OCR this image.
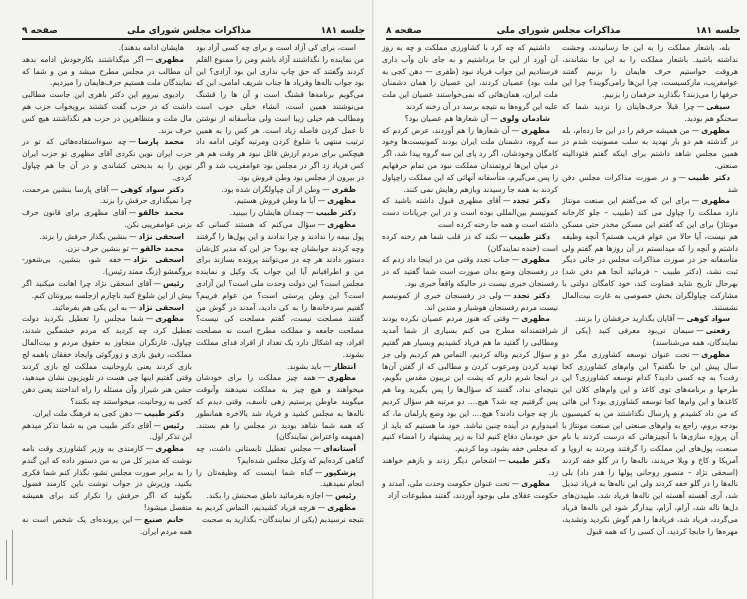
جلسه ۱۸۱
مذاکرات مجلس شورای ملی
صفحه ۹

است، برای کی آزاد است و برای چه کسی آزاد بود من نماینده را نگذاشتند آزاد باشم ومن را ممنوع القلم کردند وگفتند که حق چاپ نداری این بود آزادی؟ این بود جواب ناله‌ها وفریاد ها جناب شریف امامی، این که می‌گویم برنامه‌ها قشنگ است و آن ها را قشنگ می‌نوشتند همین است، انشاء خیلی خوب است ومطالب هم خیلی زیبا است ولی متأسفانه از نوشتن تا عمل کردن فاصله زیاد است. هر کس را به همین ترتیب منتهی با شلوغ کردن ومرتبه گوئی ادامه داد هیچکس برای مردم ارزش قائل نبود هر وقت هم هر کس فریاد زد اگر در مجلس بود عوامفریب شد و اگر در بیرون از مجلس بود وطن فروش بود.

ظفری—وطن از آن چپاولگران شده بود.

مظهری—آیا ما وطن فروش هستیم.

دکتر طبیب—چمدان هایشان را ببینید.

مظهری—سؤال می‌کنم که هستند کسانی که پول بیمه را ندادند و چرا ندادند و این پول‌ها را گرفتند وچه کردند جوابشان چه بود؟ جز این که مدیر کل‌شان دستور دادند هر چه در می‌توانند پرونده بسازند برای من و اطرافیانم آیا این جواب یک وکیل و نماینده مجلس است؟ این دولت وحدت ملی است؟ این آزادی است؟ این وطن پرستی است؟ من عوام فریبم؟ گفتیم سردخانه‌ها را به کی دادید، آمدند در گوش من گفتند مصلحت نیست، گفتم مصلحت کی نیست؟ مصلحت جامعه و مملکت مطرح است نه مصلحت افراد، چه اشکال دارد یک تعداد از افراد فدای مملکت بشوند.

انتظار—باید بشوند.

مظهری—همه چیز مملکت را برای خودشان میخواهند و هیچ چیز به مملکت نمیدهند وآنوقت میگویند ماوطن پرستیم زهی تأسف، وقتی دیدم که ناله‌ها به مجلس کشید و فریاد شد بالاخره همانطور که همه شما شاهد بودید در مجلس را هم بستند. (همهمه واعتراض نمایندگان)

آستانه‌ای—مجلس تعطیل تابستانی داشت، چه گناهی کرده‌ایم که وکیل مجلس شده‌ایم؟

پزشکپور—گناه شما اینست که وظیفه‌تان را انجام نمیدهید.

رئیس—اجازه بفرمائید ناطق صحبتش را بکند.

مظهری—هرچه فریاد کشیدیم، التماس کردیم به نتیجه نرسیدیم (یکی از نمایندگان– بگذارید به صحبت

هایشان ادامه بدهند).

مظهری—اگر میگذاشتند بکارخودش ادامه بدهد آن مطالب در مجلس مطرح میشد و من و شما که نمایندگان ملت هستیم حرف‌هایمان را میزدیم.

رادیوی نیروم این دکتر باهری این جاست مطالبی داشت که در حزب گفت کشتند برویخواب حزب هم مال ملت و متظاهرین در حزب هم نگذاشتند هیچ کس حرف بزند.

محمد پارسا—چه سوءاستفاده‌هائی که تو در حزب ایران نوین نکردی آقای مظهری تو حزب ایران نوین را به بدبختی کشاندی و در آن جا هم چپاول کردی.

دکتر سواد کوهی—آقای پارسا بنشین مرحمت، چرا نمیگذاری حرفش را بزند.

محمد خالقو—آقای مظهری برای قانون حرف بزنی عوامفریبی نکن.

اسحقی نژاد—بنشین بگذار حرفش را بزند.

محمد خالقو—تو بنشین حرف نزن.

اسحقی نژاد—خفه شو، بنشین، بی‌شعور- بروگمشو (زنگ ممتد رئیس).

رئیس—آقای اسحقی نژاد چرا اهانت میکنید اگر بیش از این شلوغ کنید ناچارم ازجلسه بیرونتان کنم.

اسحقی نژاد—به این یکی هم بفرمائید.

مظهری—شما مجلس را تعطیل نکردید دولت تعطیل کرد، چه کردید که مردم خشمگین شدند، چپاول، غارتگران متجاوز به حقوق مردم و بیت‌المال مملکت، رفیق بازی و زورگوئی وایجاد خفقان باهمه لج بازی کردند یعنی باروحانیت مملکت لج بازی کردند وقتی گفتیم اینها چی هست در تلویزیون نشان میدهید، جشن هنر شیراز وآن مسئله را راه انداختند یعنی دهن کجی به روحانیت، میخواستند چه بکنند؟

دکتر طبیب—دهن کجی به فرهنگ ملت ایران.

رئیس—آقای دکتر طبیب من به شما تذکر میدهم این تذکر اول.

مظهری—کارمندی به وزیر کشاورزی وقت نامه نوشت که مدیر کل من به من دستور داده که این گندم را به برابر صورت مجلس نشو، نگذار کنم شما فکری بکنید، وزیرش در جواب نوشت باین کارمند فضول بگوئید که اگر حرفش را تکرار کند برای همیشه منفصل میشود!

خانم صنیع—این پرونده‌ای یک شخص است نه همه مردم ایران.

جلسه ۱۸۱
مذاکرات مجلس شورای ملی
صفحه ۸

بله، باشعار مملکت را به این جا رسانیدند، وحشت نداشته باشید. باشعار مملکت را به این جا نشاندند، هروقت خواستیم حرف هایمان را بزنیم گفتند عوامفریب، مارکسیست، چرا این‌ها رامی‌گویند؟ چرا این حرفها را می‌زنند؟ بگذارید حرفمان را بزنیم.

سیفی—چرا قبلاً حرف‌هایتان را نزدید شما که سخنگو هم بودید.

مظهری—من همیشه حرفم را در این جا زده‌ام، بله در گذشته هم دو بار تهدید به سلب مصونیت شدم در همین مجلس شاهد داشتم برای اینکه گفتم فئودالیته صنعتی.

دکتر طبیب—و در صورت مذاکرات مجلس دفن شد

مظهری—برای این که می‌گفتم این صنعت مونتاژ دارد مملکت را چپاول می کند (طبیب – جلو کارخانه مونتاژ) برای این که گفتم این مسکن مخدر حتی مسکن هم نیست، آیا حالا من عوام فریب هستم؟ آنچه وظیفه داشتم و آنچه را که میدانستم در آن روزها هم گفتم ولی متأسفانه جز در صورت مذاکرات مجلس در جائی دیگر ثبت نشد، (دکتر طبیب – فرمائید آنجا هم دفن شد) بهرحال تاریخ شاید قضاوت کند، خود کامگان دولتی با مشارکت چپاولگران بخش خصوصی به غارت بیت‌المال نشستند.

سواد کوهی—آقایان بگذارید حرفشان را بزنند.

رفعتی—سیمان تی‌بود معرفی کنید (یکی از نمایندگان، همه می‌شناسند)

مظهری—تحت عنوان توسعه کشاورزی مگر دو سال پیش این جا نگفتم؟ این وام‌های کشاورزی کجا رفت؟ به چه کسی دادید؟ کدام توسعه کشاورزی؟ این طرحها و برنامه‌های توی کاغذ و این وام‌های کلان این کاغذها و این وام‌ها کجا توسعه کشاورزی بود؟ این هائی که من داد کشیدم و پارسال نگذاشتند من به کمیسیون بودجه بروم، راجع به وام‌های صنعتی این صنعت مونتاژ با آن پروژه سازی‌ها با آنچیزهائی که درست کردند با نام صنعت، پول‌های این مملکت را گرفتند وبردند به اروپا و آمریکا و کاخ و ویلا خریدند، ناله‌ها را در گلو خفه کردند (اسحقی نژاد – منصور روحانی پولها را هدر داد) بلی ناله‌ها را در گلو خفه کردند ولی این ناله‌ها به فریاد تبدیل شد، آری آهسته آهسته این ناله‌ها فریاد شد، طپیدن‌های دل‌ها ناله شد، آرام، آرام، بیدارگر شود این ناله‌ها فریاد می‌گردد، فریاد شد، فریادها را هم گوش نکردید وتشدید، مهره‌ها را جابجا کردید، آن کسی را که همه قبول

داشتیم که چه کرد با کشاورزی مملکت و چه به روز آن آورد از این جا برداشتیم و به جای نان وآب داری فرستادیم این جواب فریاد نبود (ظفری — دهن کجی به ملت بود) عصیان کردند، این عصیان را همان دشمنان ملت ایران، همان‌هائی که نمی‌خواستند عصیان این ملت علیه این گروه‌ها به نتیجه برسد در آن رخنه کردند

شادمان ولوی—آن شعارها هم عصیان بود؟

مظهری—آن شعارها را هم آوردند، عرض کردم که سه گروه، دشمنان ملت ایران بودند کمونیست‌ها وخود کامگان وخودشان، اگر رد پای این سه گروه پیدا شد، اگر در میان این‌ها ثروتمندان مملکت نبود من تمام حرفهایم را پس می‌گیرم، متأسفانه آنهائی که این مملکت راچپاول کردند به همه جا رسیدند وبازهم رهایش نمی کنند.

دکتر تجدد—آقای مظهری قبول داشته باشید که کمونیسم بین‌المللی بوده است و در این جریانات دست داشته است و همه جا رخنه کرده است

دکتر طبیب—نکند که در قلب شما هم رخنه کرده است (خنده نمایندگان)

مظهری—جناب تجدد وقتی من در اینجا داد زدم که در رفسنجان وضع بدان صورت است شما گفتید که در رفسنجان خبری نیست در حالیکه واقعاً خبری بود.

دکتر تجدد—ولی در رفسنجان خبری از کمونیسم نیست مردم رفسنجان هوشیار و متدین اند.

مظهری—وقتی که هنوز مردم عصیان نکرده بودند شرافتمندانه مطرح می کنم بسیاری از شما آمدید ومطالبی را گفتید ما هم فریاد کشیدیم وبسیار هم گفتیم و سؤال کردیم وناله کردیم، التماس هم کردیم ولی جز تهدید کردن ومرعوب کردن و مطالبی که از گفتن آن‌ها در اینجا شرم دارم که پشت این تریبون مقدس بگویم، نتیجه‌ای نداد، گفتند که سؤال‌ها را پس بگیرید وما هم پس گرفتیم چه شد؟ هیچ.... دو مرتبه هم سؤال کردیم باز چه جواب دادند؟ هیچ.... این بود وضع پارلمان ما، که امیدوارم در آینده چنین نباشد. خود ما هستیم که باید از حق خودمان دفاع کنیم لذا به زیر پیشنهاد را امضاء کنیم که مجلس خفه بشود، وما کردیم.

دکتر طبیب—اشخاص دیگر زدند و بازهم خواهند زد.

مظهری—تحت عنوان حکومت وحدت ملی، آمدند و حکومت عقلای ملی بوجود آوردند، گفتند مطبوعات آزاد
